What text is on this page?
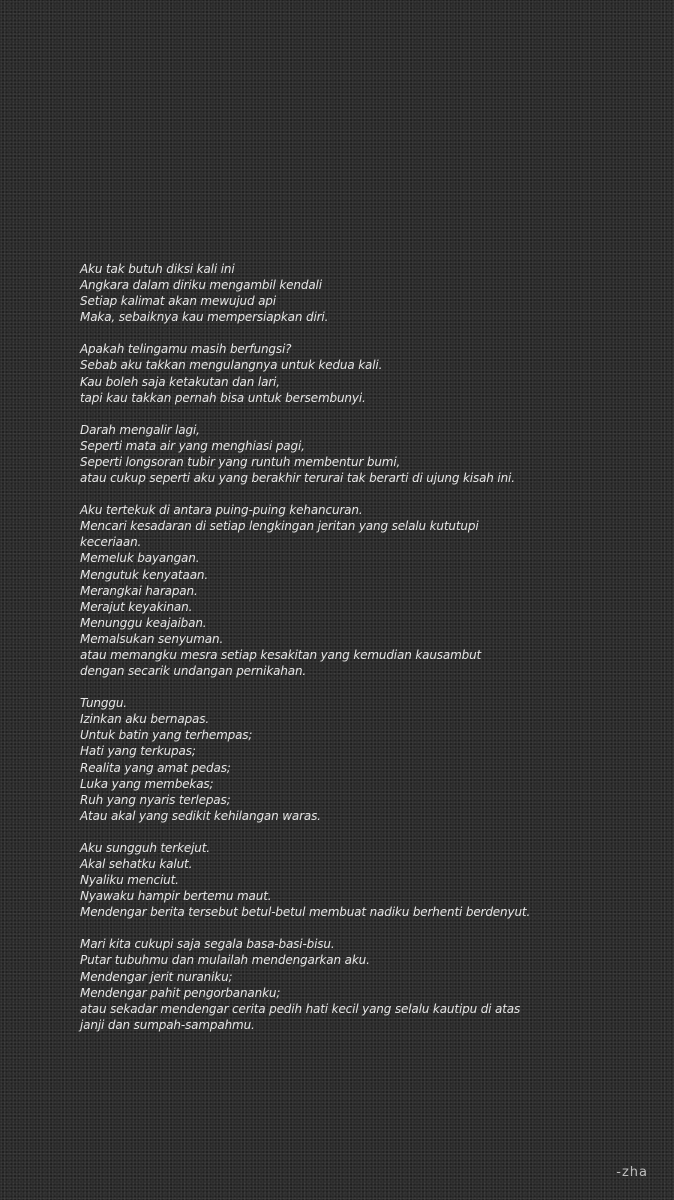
Aku tak butuh diksi kali ini
Angkara dalam diriku mengambil kendali
Setiap kalimat akan mewujud api
Maka, sebaiknya kau mempersiapkan diri.
Apakah telingamu masih berfungsi?
Sebab aku takkan mengulangnya untuk kedua kali.
Kau boleh saja ketakutan dan lari,
tapi kau takkan pernah bisa untuk bersembunyi.
Darah mengalir lagi,
Seperti mata air yang menghiasi pagi,
Seperti longsoran tubir yang runtuh membentur bumi,
atau cukup seperti aku yang berakhir terurai tak berarti di ujung kisah ini.
Aku tertekuk di antara puing-puing kehancuran.
Mencari kesadaran di setiap lengkingan jeritan yang selalu kututupi
keceriaan.
Memeluk bayangan.
Mengutuk kenyataan.
Merangkai harapan.
Merajut keyakinan.
Menunggu keajaiban.
Memalsukan senyuman.
atau memangku mesra setiap kesakitan yang kemudian kausambut
dengan secarik undangan pernikahan.
Tunggu.
Izinkan aku bernapas.
Untuk batin yang terhempas;
Hati yang terkupas;
Realita yang amat pedas;
Luka yang membekas;
Ruh yang nyaris terlepas;
Atau akal yang sedikit kehilangan waras.
Aku sungguh terkejut.
Akal sehatku kalut.
Nyaliku menciut.
Nyawaku hampir bertemu maut.
Mendengar berita tersebut betul-betul membuat nadiku berhenti berdenyut.
Mari kita cukupi saja segala basa-basi-bisu.
Putar tubuhmu dan mulailah mendengarkan aku.
Mendengar jerit nuraniku;
Mendengar pahit pengorbananku;
atau sekadar mendengar cerita pedih hati kecil yang selalu kautipu di atas
janji dan sumpah-sampahmu.
-zha
